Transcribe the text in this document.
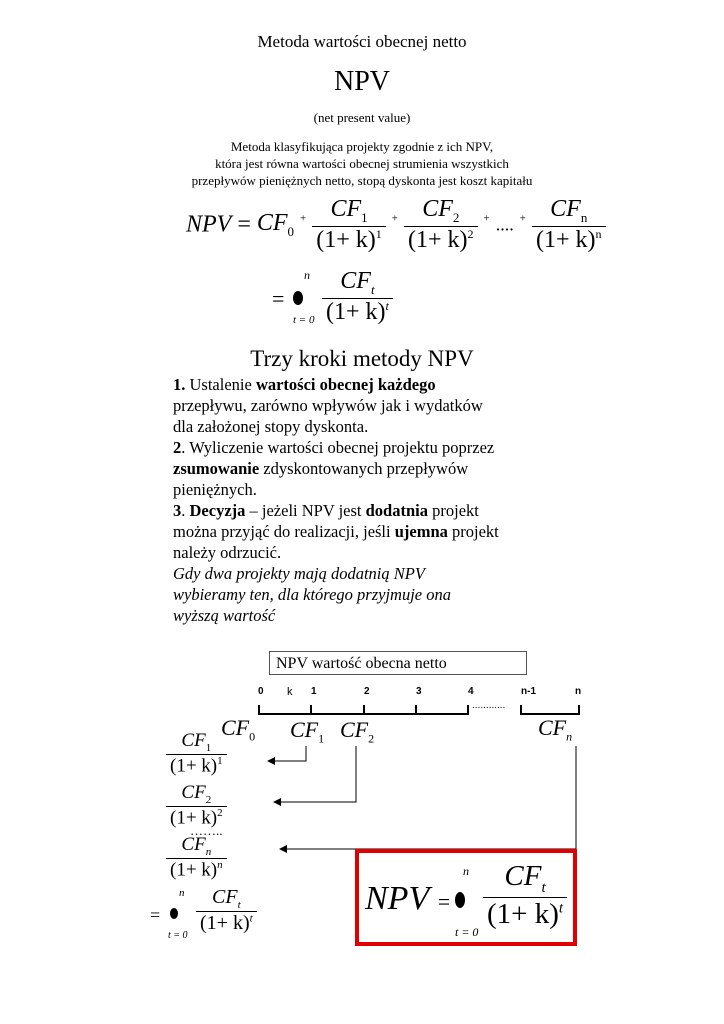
Metoda wartości obecnej netto
NPV
(net present value)
Metoda klasyfikująca projekty zgodnie z ich NPV,
która jest równa wartości obecnej strumienia wszystkich
przepływów pieniężnych netto, stopą dyskonta jest koszt kapitału
NPV = $CF_0$ $^+ \frac{CF_1}{(1+ k)^1} ^+ \frac{CF_2}{(1+ k)^2} ^+$ .... $^+ \frac{CF_n}{(1+ k)^n}$
=
n
$t = 0 \frac{CF_t}{(1+ k)^t}$
Trzy kroki metody NPV

1. Ustalenie wartości obecnej każdego

przepływu, zarówno wpływów jak i wydatków

dla założonej stopy dyskonta.

2. Wyliczenie wartości obecnej projektu poprzez

zsumowanie zdyskontowanych przepływów

pieniężnych.

3. Decyzja – jeżeli NPV jest dodatnia projekt

można przyjąć do realizacji, jeśli ujemna projekt

należy odrzucić.

Gdy dwa projekty mają dodatnią NPV

wybieramy ten, dla którego przyjmuje ona

wyższą wartość

NPV wartość obecna netto
0 k 1	2	3	4	n-1	n
............
$CF_0$ $CF_1$ $CF_2$	$CF_n$
$\frac{CF_1}{(1+ k)^1}$
$\frac{CF_2}{(1+ k)^2}$
……..
$\frac{CF_n}{(1+ k)^n}$
=
n
t = 0
$\frac{CF_t}{(1+ k)^t}$	NPV =
n
t = 0
$\frac{CF_t}{(1+ k)^t}$
